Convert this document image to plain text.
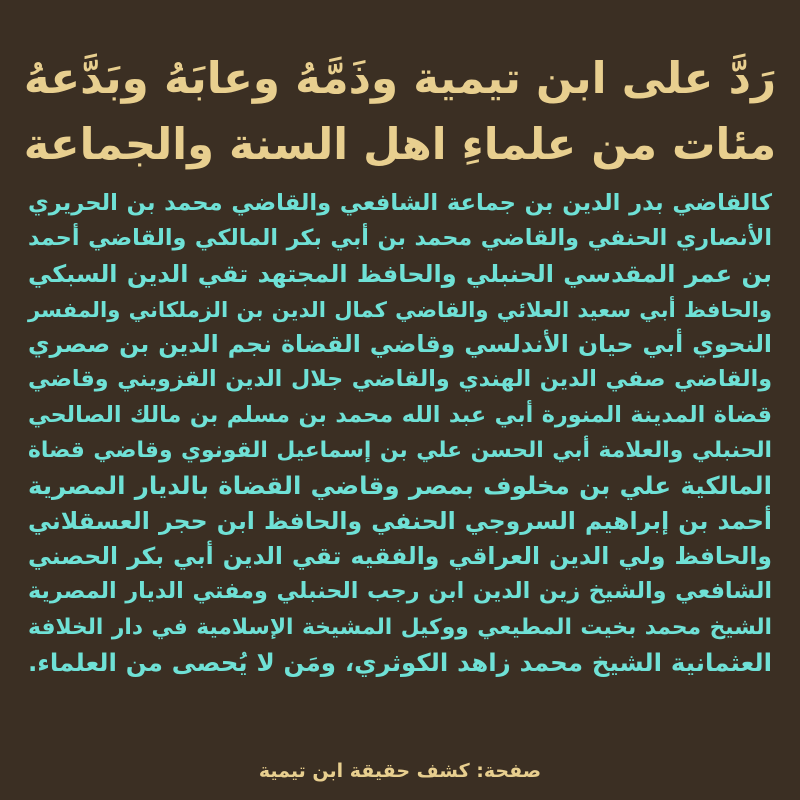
رَدَّ على ابن تيمية وذَمَّهُ وعابَهُ وبَدَّعهُ
مئات من علماءِ اهل السنة والجماعة
كالقاضي بدر الدين بن جماعة الشافعي والقاضي محمد بن الحريري
الأنصاري الحنفي والقاضي محمد بن أبي بكر المالكي والقاضي أحمد
بن عمر المقدسي الحنبلي والحافظ المجتهد تقي الدين السبكي
والحافظ أبي سعيد العلائي والقاضي كمال الدين بن الزملكاني والمفسر
النحوي أبي حيان الأندلسي وقاضي القضاة نجم الدين بن صصري
والقاضي صفي الدين الهندي والقاضي جلال الدين القزويني وقاضي
قضاة المدينة المنورة أبي عبد الله محمد بن مسلم بن مالك الصالحي
الحنبلي والعلامة أبي الحسن علي بن إسماعيل القونوي وقاضي قضاة
المالكية علي بن مخلوف بمصر وقاضي القضاة بالديار المصرية
أحمد بن إبراهيم السروجي الحنفي والحافظ ابن حجر العسقلاني
والحافظ ولي الدين العراقي والفقيه تقي الدين أبي بكر الحصني
الشافعي والشيخ زين الدين ابن رجب الحنبلي ومفتي الديار المصرية
الشيخ محمد بخيت المطيعي ووكيل المشيخة الإسلامية في دار الخلافة
العثمانية الشيخ محمد زاهد الكوثري، ومَن لا يُحصى من العلماء.
صفحة: كشف حقيقة ابن تيمية
